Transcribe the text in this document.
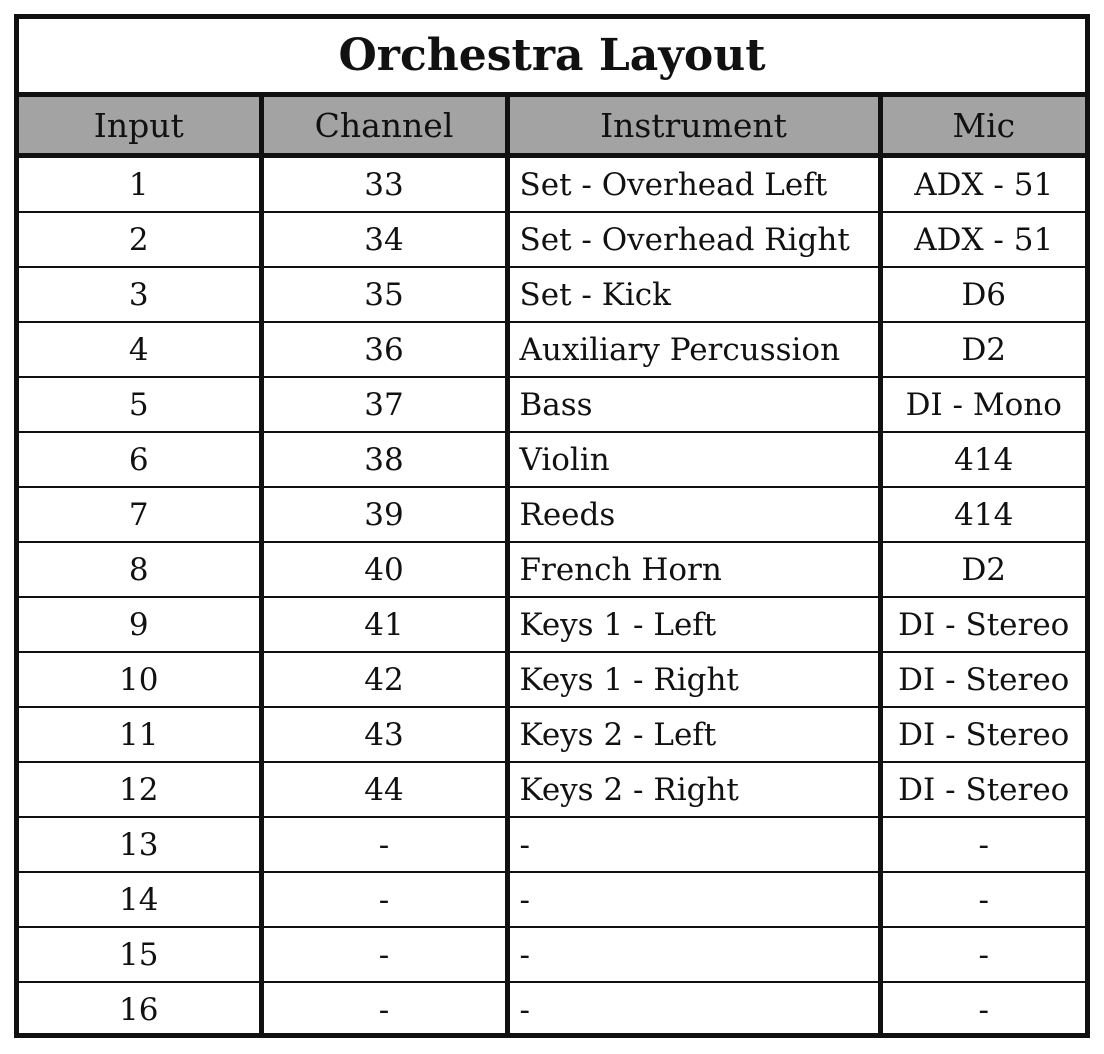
Orchestra Layout
Input	Channel	Instrument	Mic
1	33	Set - Overhead Left	ADX - 51
2	34	Set - Overhead Right	ADX - 51
3	35	Set - Kick	D6
4	36	Auxiliary Percussion	D2
5	37	Bass	DI - Mono
6	38	Violin	414
7	39	Reeds	414
8	40	French Horn	D2
9	41	Keys 1 - Left	DI - Stereo
10	42	Keys 1 - Right	DI - Stereo
11	43	Keys 2 - Left	DI - Stereo
12	44	Keys 2 - Right	DI - Stereo
13	-	-	-
14	-	-	-
15	-	-	-
16	-	-	-
